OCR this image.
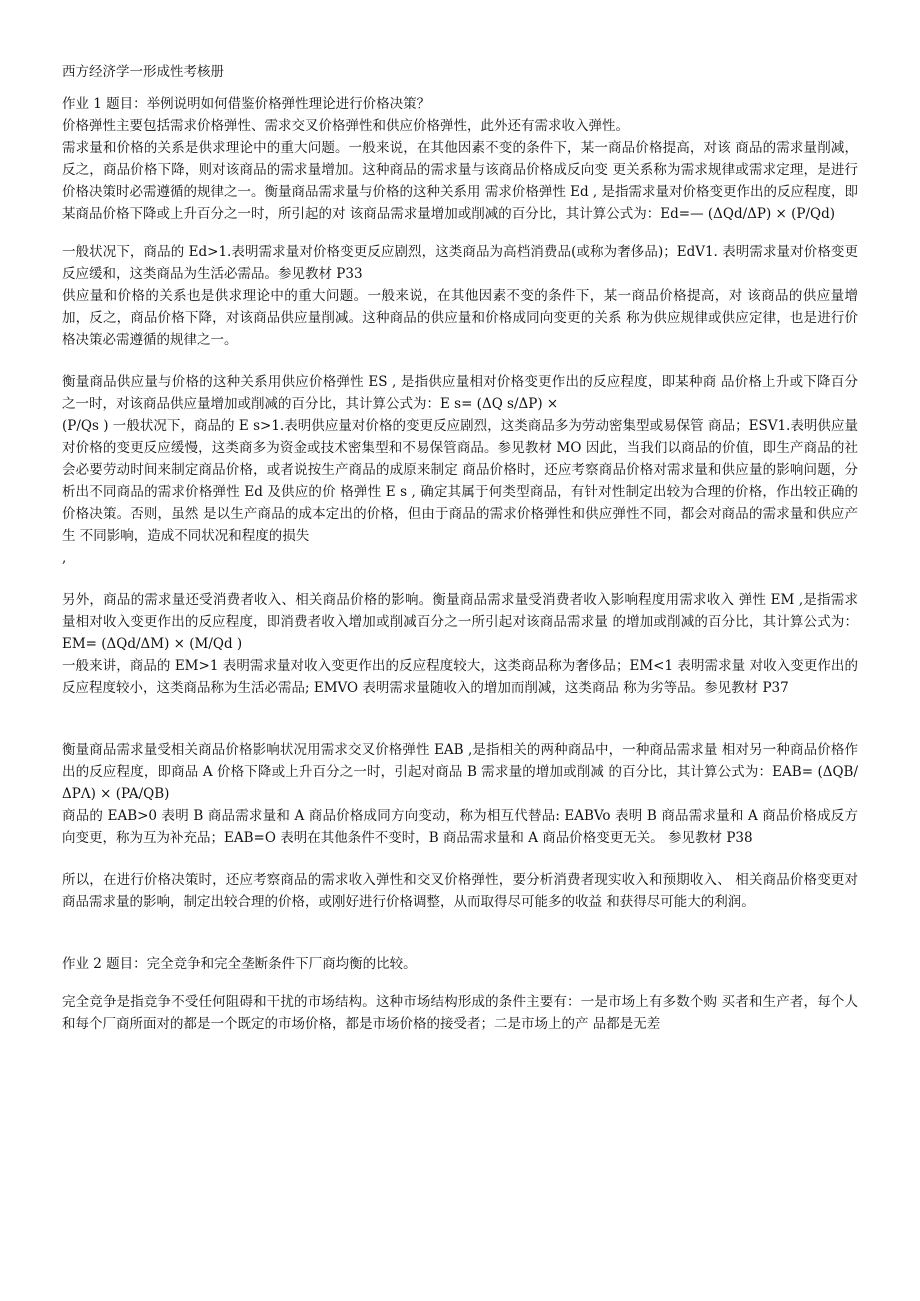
西方经济学一形成性考核册

作业 1 题目：举例说明如何借鉴价格弹性理论进行价格决策？

价格弹性主要包括需求价格弹性、需求交叉价格弹性和供应价格弹性，此外还有需求收入弹性。

需求量和价格的关系是供求理论中的重大问题。一般来说，在其他因素不变的条件下，某一商品价格提高，对该 商品的需求量削减，反之，商品价格下降，则对该商品的需求量增加。这种商品的需求量与该商品价格成反向变 更关系称为需求规律或需求定理，是进行价格决策时必需遵循的规律之一。衡量商品需求量与价格的这种关系用 需求价格弹性 Ed , 是指需求量对价格变更作出的反应程度，即某商品价格下降或上升百分之一时，所引起的对 该商品需求量增加或削减的百分比，其计算公式为：Ed=— (ΔQd/ΔP) × (P/Qd)

一般状况下，商品的 Ed>1.表明需求量对价格变更反应剧烈，这类商品为高档消费品(或称为奢侈品)；EdV1. 表明需求量对价格变更反应缓和，这类商品为生活必需品。参见教材 P33

供应量和价格的关系也是供求理论中的重大问题。一般来说，在其他因素不变的条件下，某一商品价格提高，对 该商品的供应量增加，反之，商品价格下降，对该商品供应量削减。这种商品的供应量和价格成同向变更的关系 称为供应规律或供应定律，也是进行价格决策必需遵循的规律之一。

衡量商品供应量与价格的这种关系用供应价格弹性 ES , 是指供应量相对价格变更作出的反应程度，即某种商 品价格上升或下降百分之一时，对该商品供应量增加或削减的百分比，其计算公式为：E s= (ΔQ s/ΔP) ×

(P/Qs ) 一般状况下，商品的 E s>1.表明供应量对价格的变更反应剧烈，这类商品多为劳动密集型或易保管 商品；ESV1.表明供应量对价格的变更反应缓慢，这类商多为资金或技术密集型和不易保管商品。参见教材 MO 因此，当我们以商品的价值，即生产商品的社会必要劳动时间来制定商品价格，或者说按生产商品的成原来制定 商品价格时，还应考察商品价格对需求量和供应量的影响问题，分析出不同商品的需求价格弹性 Ed 及供应的价 格弹性 E s , 确定其属于何类型商品，有针对性制定出较为合理的价格，作出较正确的价格决策。否则，虽然 是以生产商品的成本定出的价格，但由于商品的需求价格弹性和供应弹性不同，都会对商品的需求量和供应产生 不同影响，造成不同状况和程度的损失

,

另外，商品的需求量还受消费者收入、相关商品价格的影响。衡量商品需求量受消费者收入影响程度用需求收入 弹性 EM ,是指需求量相对收入变更作出的反应程度，即消费者收入增加或削减百分之一所引起对该商品需求量 的增加或削减的百分比，其计算公式为：EM= (ΔQd/ΔM) × (M/Qd )

一般来讲，商品的 EM>1 表明需求量对收入变更作出的反应程度较大，这类商品称为奢侈品；EM<1 表明需求量 对收入变更作出的反应程度较小，这类商品称为生活必需品; EMVO 表明需求量随收入的增加而削减，这类商品 称为劣等品。参见教材 P37

衡量商品需求量受相关商品价格影响状况用需求交叉价格弹性 EAB ,是指相关的两种商品中，一种商品需求量 相对另一种商品价格作出的反应程度，即商品 A 价格下降或上升百分之一时，引起对商品 B 需求量的增加或削减 的百分比，其计算公式为：EAB= (ΔQB/ΔPΛ) × (PA/QB)

商品的 EAB>0 表明 B 商品需求量和 A 商品价格成同方向变动，称为相互代替品: EABVo 表明 B 商品需求量和 A 商品价格成反方向变更，称为互为补充品；EAB=O 表明在其他条件不变时，B 商品需求量和 A 商品价格变更无关。 参见教材 P38

所以，在进行价格决策时，还应考察商品的需求收入弹性和交叉价格弹性，要分析消费者现实收入和预期收入、 相关商品价格变更对商品需求量的影响，制定出较合理的价格，或刚好进行价格调整，从而取得尽可能多的收益 和获得尽可能大的利润。

作业 2 题目：完全竞争和完全垄断条件下厂商均衡的比较。

完全竞争是指竞争不受任何阻碍和干扰的市场结构。这种市场结构形成的条件主要有：一是市场上有多数个购 买者和生产者，每个人和每个厂商所面对的都是一个既定的市场价格，都是市场价格的接受者；二是市场上的产 品都是无差
